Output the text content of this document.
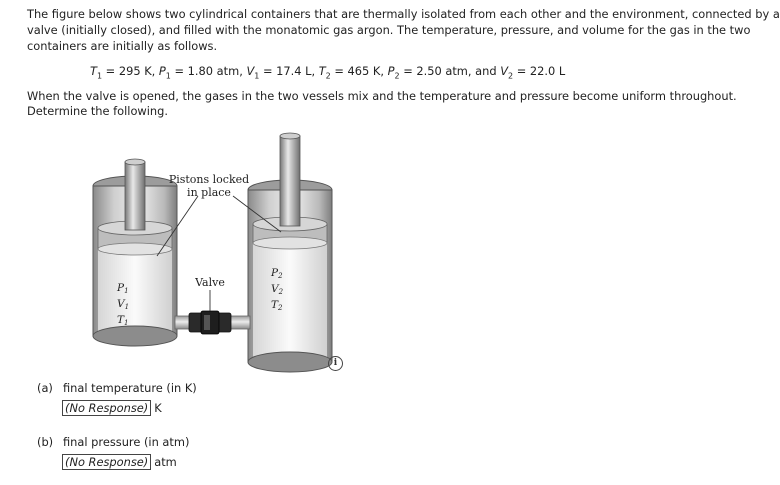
The figure below shows two cylindrical containers that are thermally isolated from each other and the environment, connected by a
valve (initially closed), and filled with the monatomic gas argon. The temperature, pressure, and volume for the gas in the two
containers are initially as follows.
$T_1 = 295$ K, $P_1 = 1.80$ atm, $V_1 = 17.4$ L, $T_2 = 465$ K, $P_2 = 2.50$ atm, and $V_2 = 22.0$ L
When the valve is opened, the gases in the two vessels mix and the temperature and pressure become uniform throughout.
Determine the following.
Pistons locked
in place
Valve
P1
V1
T1
P2
V2
T2
i
(a) final temperature (in K)
(No Response) K
(b) final pressure (in atm)
(No Response) atm
